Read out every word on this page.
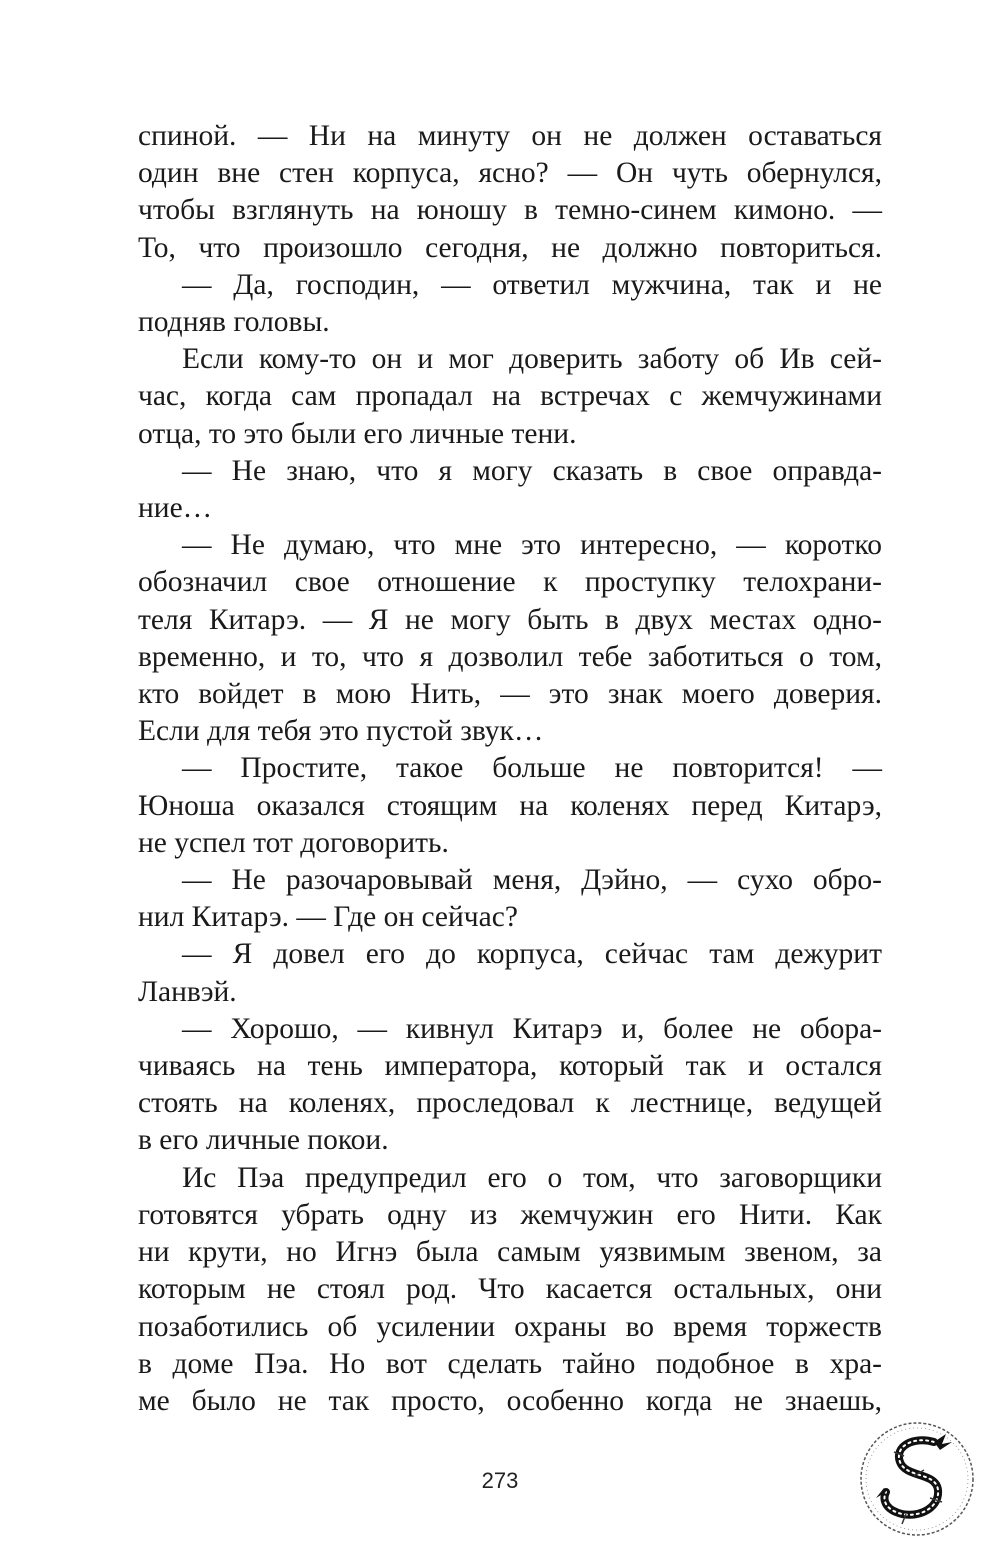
спиной. — Ни на минуту он не должен оставаться
один вне стен корпуса, ясно? — Он чуть обернулся,
чтобы взглянуть на юношу в темно-синем кимоно. —
То, что произошло сегодня, не должно повториться.
— Да, господин, — ответил мужчина, так и не
подняв головы.
Если кому-то он и мог доверить заботу об Ив сей-
час, когда сам пропадал на встречах с жемчужинами
отца, то это были его личные тени.
— Не знаю, что я могу сказать в свое оправда-
ние…
— Не думаю, что мне это интересно, — коротко
обозначил свое отношение к проступку телохрани-
теля Китарэ. — Я не могу быть в двух местах одно-
временно, и то, что я дозволил тебе заботиться о том,
кто войдет в мою Нить, — это знак моего доверия.
Если для тебя это пустой звук…
— Простите, такое больше не повторится! —
Юноша оказался стоящим на коленях перед Китарэ,
не успел тот договорить.
— Не разочаровывай меня, Дэйно, — сухо обро-
нил Китарэ. — Где он сейчас?
— Я довел его до корпуса, сейчас там дежурит
Ланвэй.
— Хорошо, — кивнул Китарэ и, более не обора-
чиваясь на тень императора, который так и остался
стоять на коленях, проследовал к лестнице, ведущей
в его личные покои.
Ис Пэа предупредил его о том, что заговорщики
готовятся убрать одну из жемчужин его Нити. Как
ни крути, но Игнэ была самым уязвимым звеном, за
которым не стоял род. Что касается остальных, они
позаботились об усилении охраны во время торжеств
в доме Пэа. Но вот сделать тайно подобное в хра-
ме было не так просто, особенно когда не знаешь,
273
